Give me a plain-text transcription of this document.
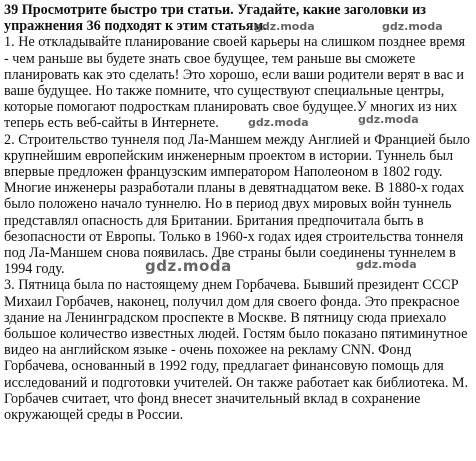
39 Просмотрите быстро три статьи. Угадайте, какие заголовки из упражнения 36 подходят к этим статьям.

1. Не откладывайте планирование своей карьеры на слишком позднее время - чем раньше вы будете знать свое будущее, тем раньше вы сможете планировать как это сделать! Это хорошо, если ваши родители верят в вас и ваше будущее. Но также помните, что существуют специальные центры, которые помогают подросткам планировать свое будущее.У многих из них теперь есть веб-сайты в Интернете.

2. Строительство туннеля под Ла-Маншем между Англией и Францией было крупнейшим европейским инженерным проектом в истории. Туннель был впервые предложен французским императором Наполеоном в 1802 году. Многие инженеры разработали планы в девятнадцатом веке. В 1880-х годах было положено начало туннелю. Но в период двух мировых войн туннель представлял опасность для Британии. Британия предпочитала быть в безопасности от Европы. Только в 1960-х годах идея строительства тоннеля под Ла-Маншем снова появилась. Две страны были соединены туннелем в 1994 году.

3. Пятница была по настоящему днем Горбачева. Бывший президент СССР Михаил Горбачев, наконец, получил дом для своего фонда. Это прекрасное здание на Ленинградском проспекте в Москве. В пятницу сюда приехало большое количество известных людей. Гостям было показано пятиминутное видео на английском языке - очень похожее на рекламу CNN. Фонд Горбачева, основанный в 1992 году, предлагает финансовую помощь для исследований и подготовки учителей. Он также работает как библиотека. М. Горбачев считает, что фонд внесет значительный вклад в сохранение окружающей среды в России.

gdz.moda	gdz.moda
gdz.moda	gdz.moda
gdz.moda	gdz.moda
